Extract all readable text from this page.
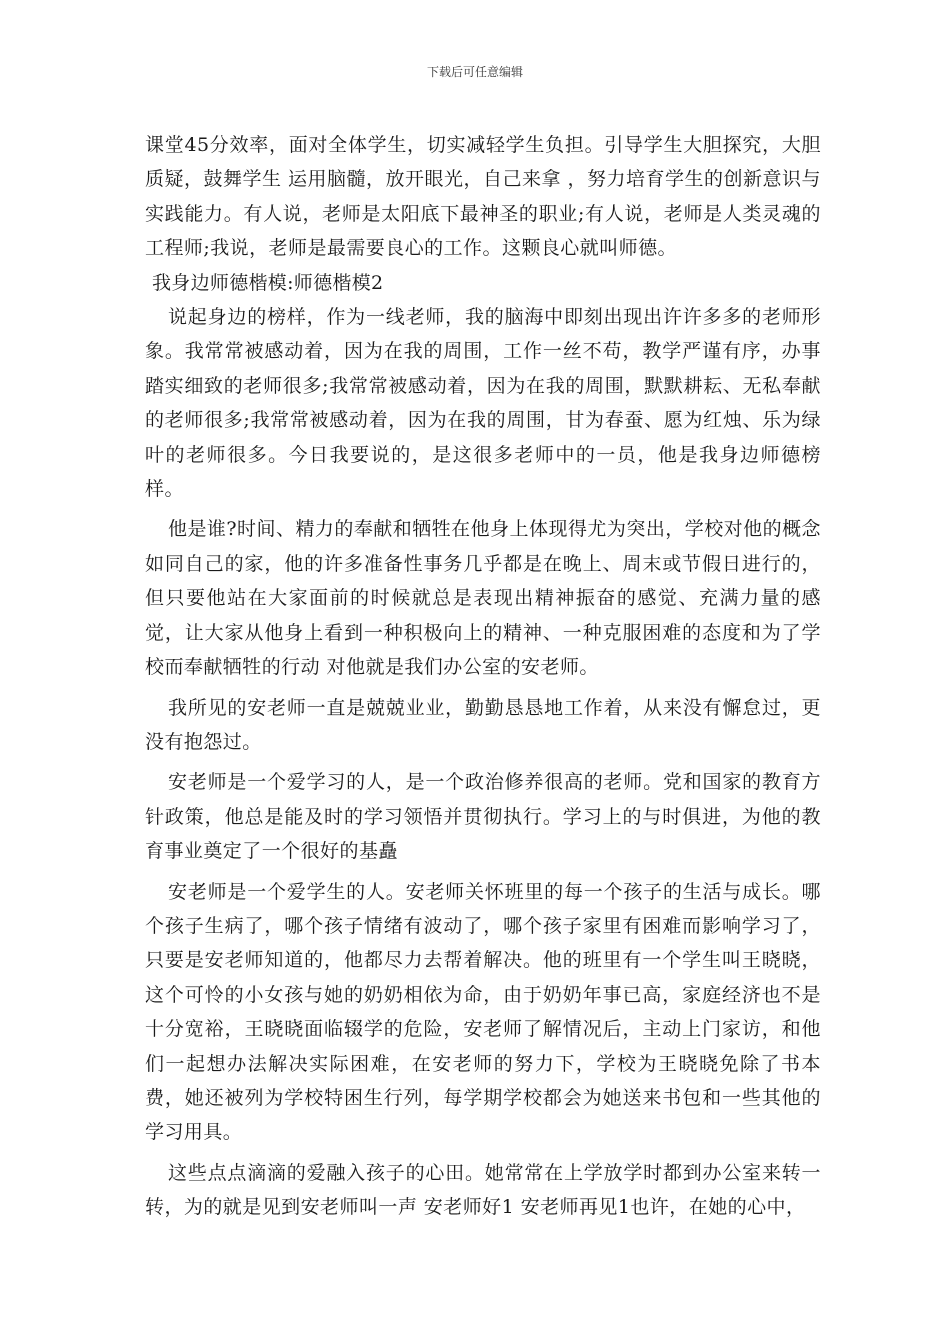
下载后可任意编辑

课堂45分效率，面对全体学生，切实减轻学生负担。引导学生大胆探究，大胆质疑，鼓舞学生 运用脑髓，放开眼光，自己来拿 ，努力培育学生的创新意识与实践能力。有人说，老师是太阳底下最神圣的职业;有人说，老师是人类灵魂的工程师;我说，老师是最需要良心的工作。这颗良心就叫师德。

我身边师德楷模:师德楷模2

说起身边的榜样，作为一线老师，我的脑海中即刻出现出许许多多的老师形象。我常常被感动着，因为在我的周围，工作一丝不苟，教学严谨有序，办事踏实细致的老师很多;我常常被感动着，因为在我的周围，默默耕耘、无私奉献的老师很多;我常常被感动着，因为在我的周围，甘为春蚕、愿为红烛、乐为绿叶的老师很多。今日我要说的，是这很多老师中的一员，他是我身边师德榜样。

他是谁?时间、精力的奉献和牺牲在他身上体现得尤为突出，学校对他的概念如同自己的家，他的许多准备性事务几乎都是在晚上、周末或节假日进行的，但只要他站在大家面前的时候就总是表现出精神振奋的感觉、充满力量的感觉，让大家从他身上看到一种积极向上的精神、一种克服困难的态度和为了学校而奉献牺牲的行动 对他就是我们办公室的安老师。

我所见的安老师一直是兢兢业业，勤勤恳恳地工作着，从来没有懈怠过，更没有抱怨过。

安老师是一个爱学习的人，是一个政治修养很高的老师。党和国家的教育方针政策，他总是能及时的学习领悟并贯彻执行。学习上的与时俱进，为他的教育事业奠定了一个很好的基矗

安老师是一个爱学生的人。安老师关怀班里的每一个孩子的生活与成长。哪个孩子生病了，哪个孩子情绪有波动了，哪个孩子家里有困难而影响学习了，只要是安老师知道的，他都尽力去帮着解决。他的班里有一个学生叫王晓晓，这个可怜的小女孩与她的奶奶相依为命，由于奶奶年事已高，家庭经济也不是十分宽裕，王晓晓面临辍学的危险，安老师了解情况后，主动上门家访，和他们一起想办法解决实际困难，在安老师的努力下，学校为王晓晓免除了书本费，她还被列为学校特困生行列，每学期学校都会为她送来书包和一些其他的学习用具。

这些点点滴滴的爱融入孩子的心田。她常常在上学放学时都到办公室来转一转，为的就是见到安老师叫一声 安老师好1 安老师再见1也许，在她的心中，
